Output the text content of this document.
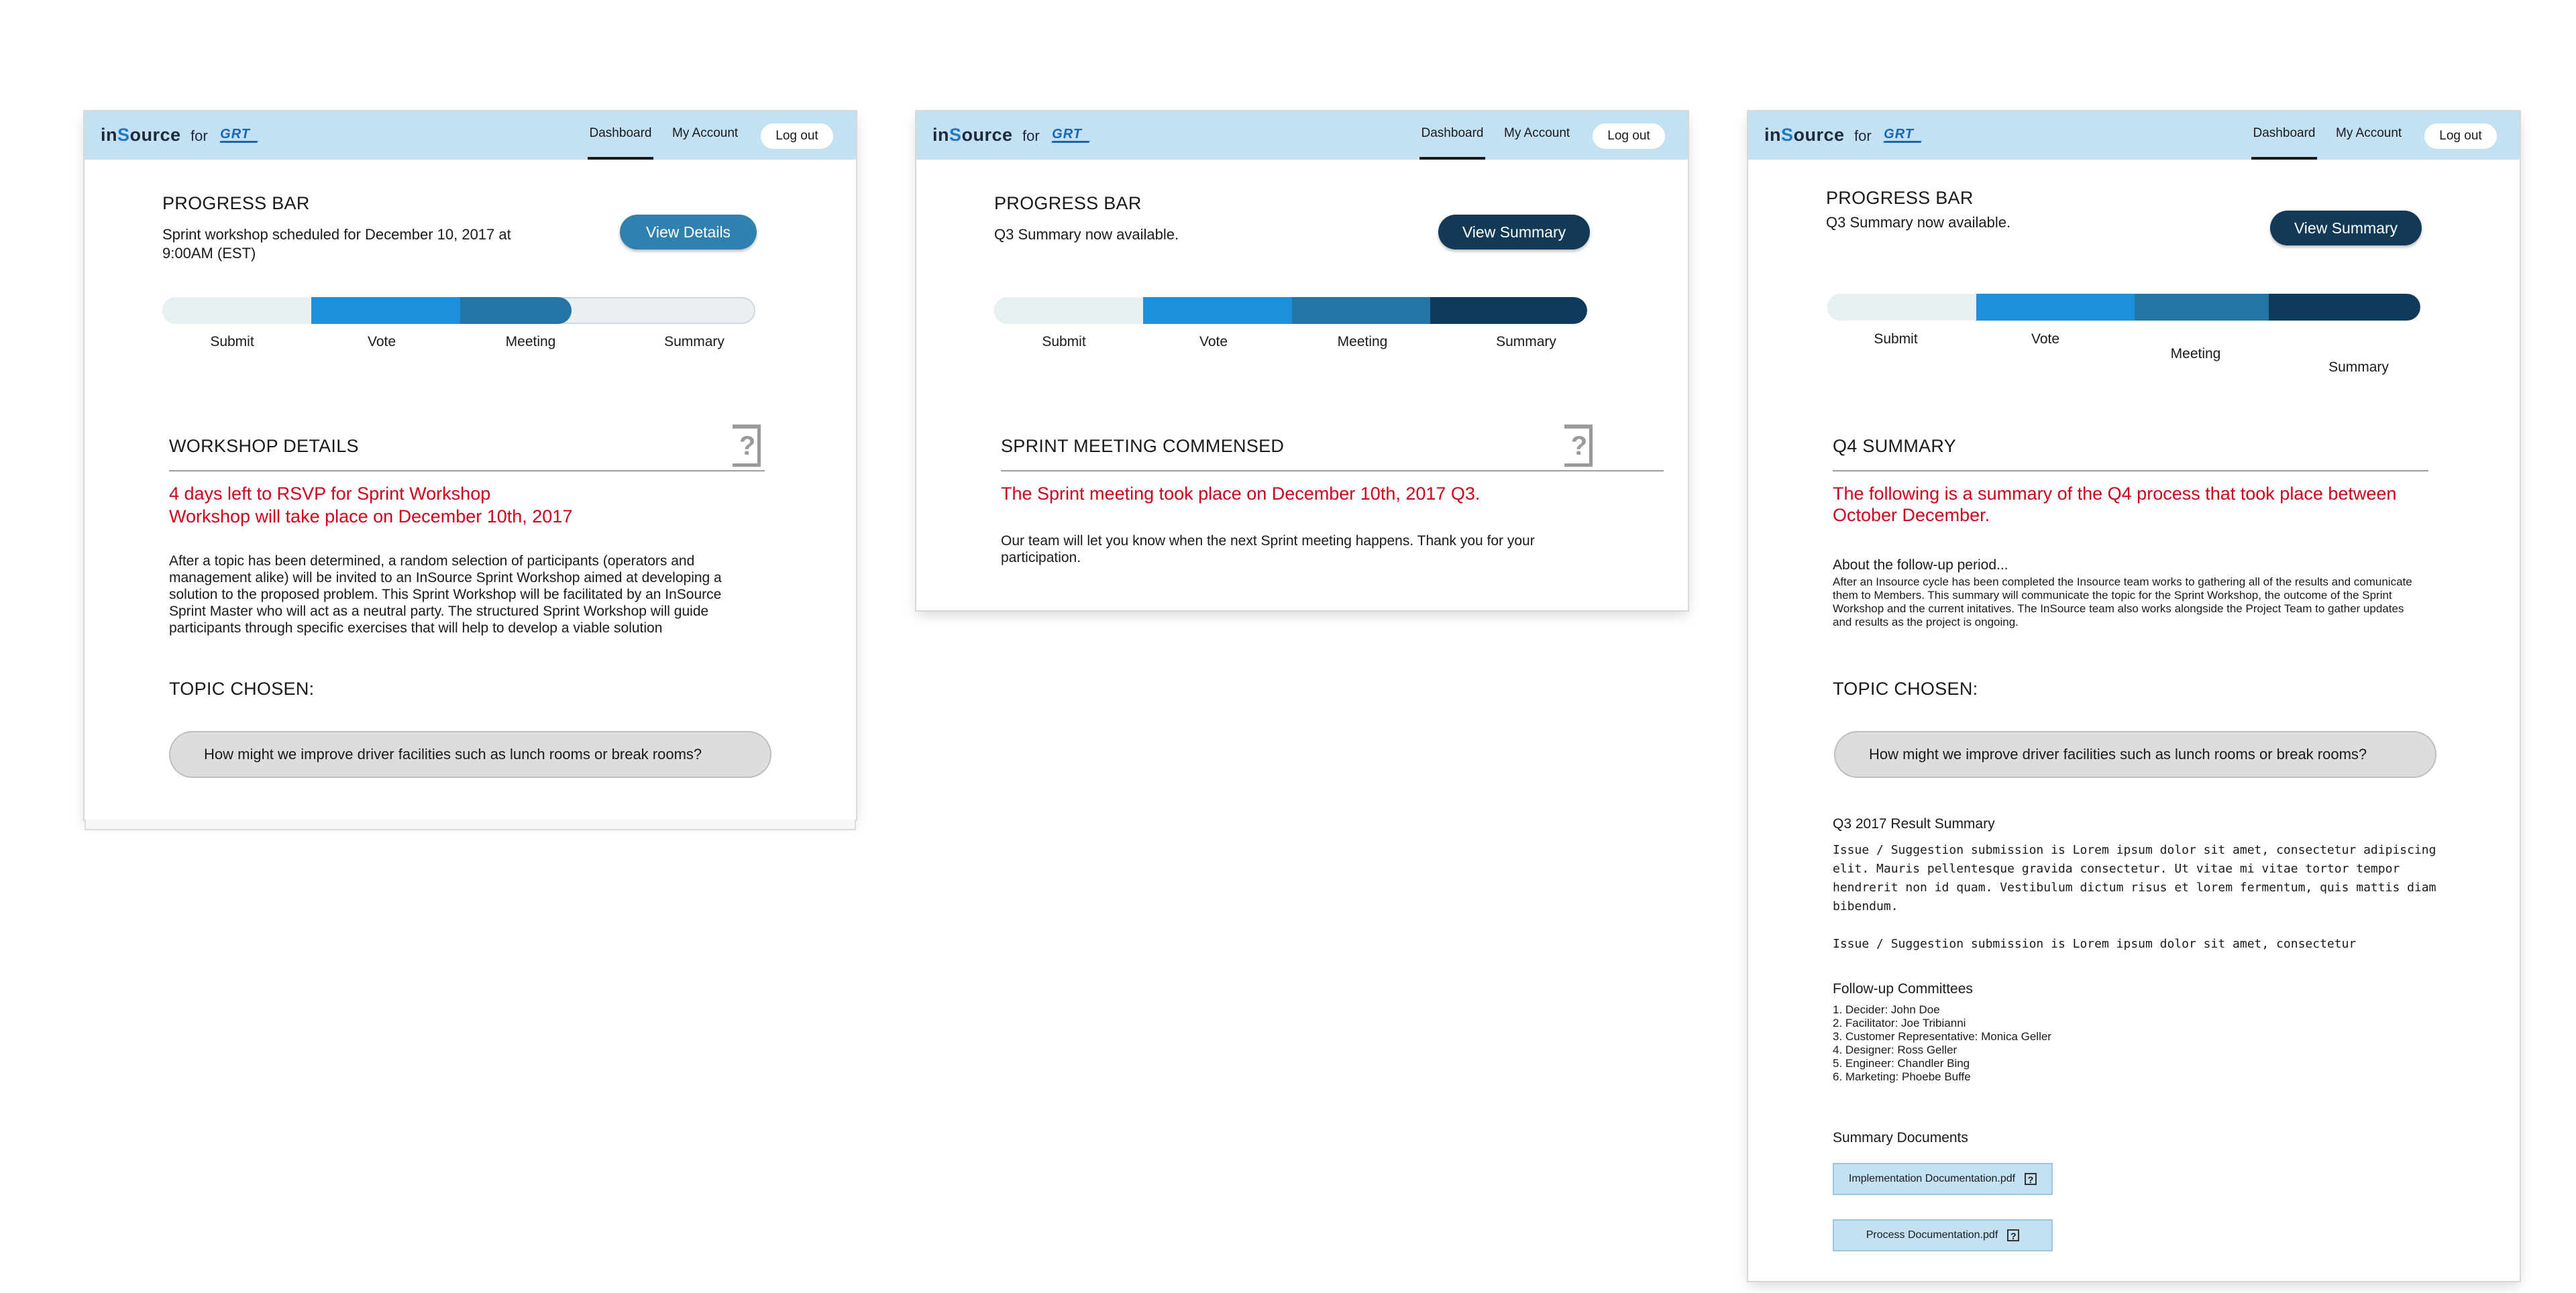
inSource for GRT	Dashboard My Account	Log out
PROGRESS BAR
Sprint workshop scheduled for December 10, 2017 at 9:00AM (EST)
View Details
Submit	Vote	Meeting	Summary
WORKSHOP DETAILS	?
4 days left to RSVP for Sprint Workshop
Workshop will take place on December 10th, 2017
After a topic has been determined, a random selection of participants (operators and management alike) will be invited to an InSource Sprint Workshop aimed at developing a solution to the proposed problem. This Sprint Workshop will be facilitated by an InSource Sprint Master who will act as a neutral party. The structured Sprint Workshop will guide participants through specific exercises that will help to develop a viable solution
TOPIC CHOSEN:
How might we improve driver facilities such as lunch rooms or break rooms?
inSource for GRT	Dashboard My Account	Log out
PROGRESS BAR
Q3 Summary now available.	View Summary
Submit	Vote	Meeting	Summary
SPRINT MEETING COMMENSED	?
The Sprint meeting took place on December 10th, 2017 Q3.
Our team will let you know when the next Sprint meeting happens. Thank you for your participation.
inSource for GRT	Dashboard My Account	Log out
PROGRESS BAR
Q3 Summary now available.	View Summary
Submit	Vote
Meeting
Summary
Q4 SUMMARY
The following is a summary of the Q4 process that took place between
October December.
About the follow-up period...
After an Insource cycle has been completed the Insource team works to gathering all of the results and comunicate them to Members. This summary will communicate the topic for the Sprint Workshop, the outcome of the Sprint Workshop and the current initatives. The InSource team also works alongside the Project Team to gather updates and results as the project is ongoing.
TOPIC CHOSEN:
How might we improve driver facilities such as lunch rooms or break rooms?
Q3 2017 Result Summary

Issue / Suggestion submission is Lorem ipsum dolor sit amet, consectetur adipiscing elit. Mauris pellentesque gravida consectetur. Ut vitae mi vitae tortor tempor hendrerit non id quam. Vestibulum dictum risus et lorem fermentum, quis mattis diam bibendum.

Issue / Suggestion submission is Lorem ipsum dolor sit amet, consectetur

Follow-up Committees
1. Decider: John Doe
2. Facilitator: Joe Tribianni
3. Customer Representative: Monica Geller
4. Designer: Ross Geller
5. Engineer: Chandler Bing
6. Marketing: Phoebe Buffe
Summary Documents
Implementation Documentation.pdf ?
Process Documentation.pdf ?
